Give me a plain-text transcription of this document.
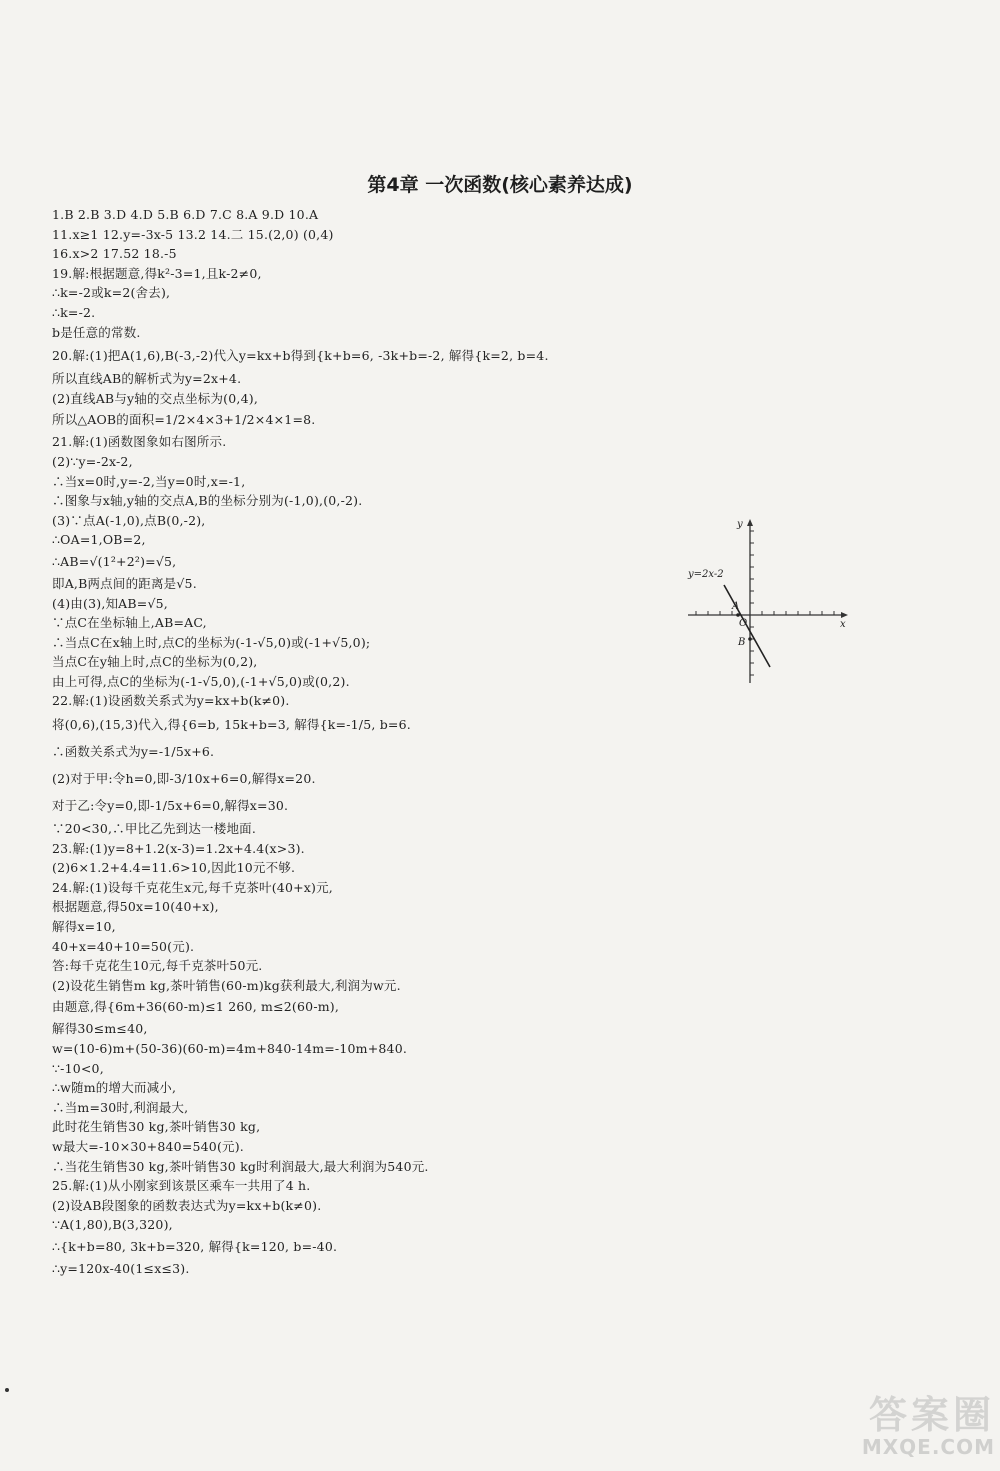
第4章 一次函数(核心素养达成)
1.B 2.B 3.D 4.D 5.B 6.D 7.C 8.A 9.D 10.A
11.x≥1 12.y=-3x-5 13.2 14.二 15.(2,0) (0,4)
16.x>2 17.52 18.-5
19.解:根据题意,得k²-3=1,且k-2≠0,
∴k=-2或k=2(舍去),
∴k=-2.
b是任意的常数.
20.解:(1)把A(1,6),B(-3,-2)代入y=kx+b得到{k+b=6, -3k+b=-2, 解得{k=2, b=4.
所以直线AB的解析式为y=2x+4.
(2)直线AB与y轴的交点坐标为(0,4),
所以△AOB的面积=1/2×4×3+1/2×4×1=8.
21.解:(1)函数图象如右图所示.
(2)∵y=-2x-2,
∴当x=0时,y=-2,当y=0时,x=-1,
∴图象与x轴,y轴的交点A,B的坐标分别为(-1,0),(0,-2).
(3)∵点A(-1,0),点B(0,-2),
∴OA=1,OB=2,
∴AB=√(1²+2²)=√5,
即A,B两点间的距离是√5.
(4)由(3),知AB=√5,
∵点C在坐标轴上,AB=AC,
∴当点C在x轴上时,点C的坐标为(-1-√5,0)或(-1+√5,0);
当点C在y轴上时,点C的坐标为(0,2),
由上可得,点C的坐标为(-1-√5,0),(-1+√5,0)或(0,2).
22.解:(1)设函数关系式为y=kx+b(k≠0).
将(0,6),(15,3)代入,得{6=b, 15k+b=3, 解得{k=-1/5, b=6.
∴函数关系式为y=-1/5x+6.
(2)对于甲:令h=0,即-3/10x+6=0,解得x=20.
对于乙:令y=0,即-1/5x+6=0,解得x=30.
∵20<30,∴甲比乙先到达一楼地面.
23.解:(1)y=8+1.2(x-3)=1.2x+4.4(x>3).
(2)6×1.2+4.4=11.6>10,因此10元不够.
24.解:(1)设每千克花生x元,每千克茶叶(40+x)元,
根据题意,得50x=10(40+x),
解得x=10,
40+x=40+10=50(元).
答:每千克花生10元,每千克茶叶50元.
(2)设花生销售m kg,茶叶销售(60-m)kg获利最大,利润为w元.
由题意,得{6m+36(60-m)≤1 260, m≤2(60-m),
解得30≤m≤40,
w=(10-6)m+(50-36)(60-m)=4m+840-14m=-10m+840.
∵-10<0,
∴w随m的增大而减小,
∴当m=30时,利润最大,
此时花生销售30 kg,茶叶销售30 kg,
w最大=-10×30+840=540(元).
∴当花生销售30 kg,茶叶销售30 kg时利润最大,最大利润为540元.
25.解:(1)从小刚家到该景区乘车一共用了4 h.
(2)设AB段图象的函数表达式为y=kx+b(k≠0).
∵A(1,80),B(3,320),
∴{k+b=80, 3k+b=320, 解得{k=120, b=-40.
∴y=120x-40(1≤x≤3).
y=2x-2
x
y
O
A
B
答案圈
MXQE.COM
